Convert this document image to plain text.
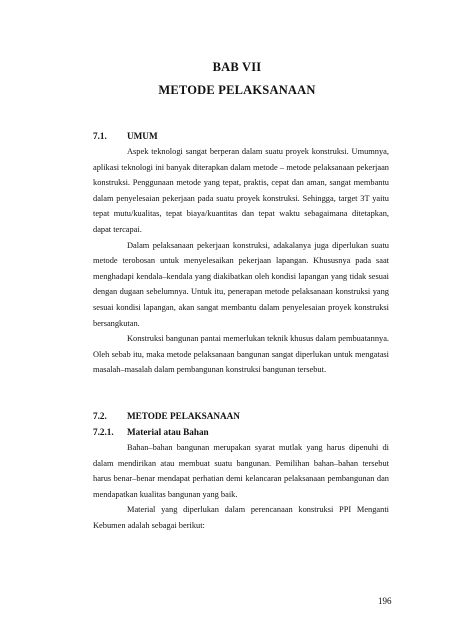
BAB VII
METODE PELAKSANAAN
7.1. UMUM

Aspek teknologi sangat berperan dalam suatu proyek konstruksi. Umumnya, aplikasi teknologi ini banyak diterapkan dalam metode – metode pelaksanaan pekerjaan konstruksi. Penggunaan metode yang tepat, praktis, cepat dan aman, sangat membantu dalam penyelesaian pekerjaan pada suatu proyek konstruksi. Sehingga, target 3T yaitu tepat mutu/kualitas, tepat biaya/kuantitas dan tepat waktu sebagaimana ditetapkan, dapat tercapai.

Dalam pelaksanaan pekerjaan konstruksi, adakalanya juga diperlukan suatu metode terobosan untuk menyelesaikan pekerjaan lapangan. Khususnya pada saat menghadapi kendala–kendala yang diakibatkan oleh kondisi lapangan yang tidak sesuai dengan dugaan sebelumnya. Untuk itu, penerapan metode pelaksanaan konstruksi yang sesuai kondisi lapangan, akan sangat membantu dalam penyelesaian proyek konstruksi bersangkutan.

Konstruksi bangunan pantai memerlukan teknik khusus dalam pembuatannya. Oleh sebab itu, maka metode pelaksanaan bangunan sangat diperlukan untuk mengatasi masalah–masalah dalam pembangunan konstruksi bangunan tersebut.

7.2. METODE PELAKSANAAN
7.2.1. Material atau Bahan

Bahan–bahan bangunan merupakan syarat mutlak yang harus dipenuhi di dalam mendirikan atau membuat suatu bangunan. Pemilihan bahan–bahan tersebut harus benar–benar mendapat perhatian demi kelancaran pelaksanaan pembangunan dan mendapatkan kualitas bangunan yang baik.

Material yang diperlukan dalam perencanaan konstruksi PPI Menganti Kebumen adalah sebagai berikut:

196
